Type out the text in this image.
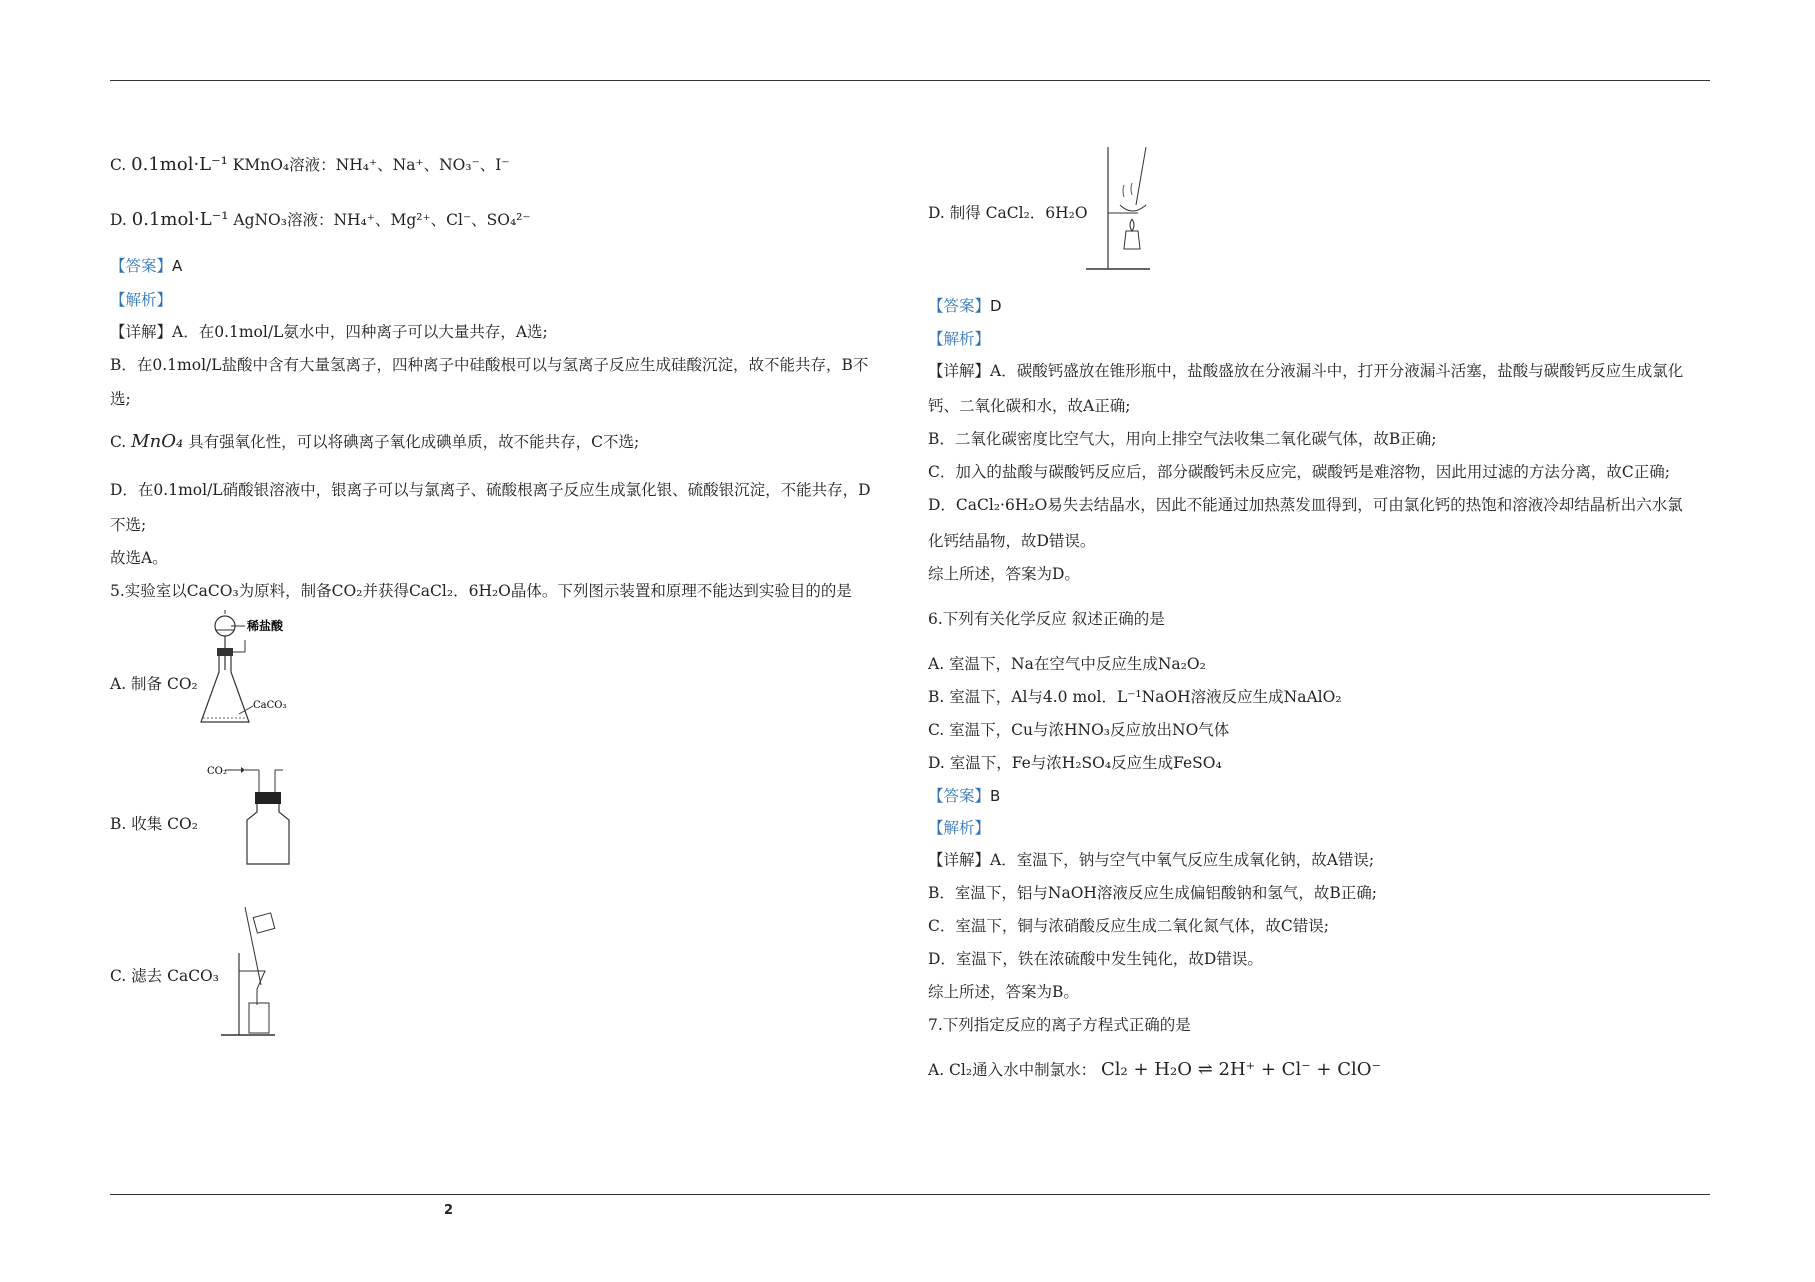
2
C. 0.1mol·L⁻¹ KMnO₄溶液：NH₄⁺、Na⁺、NO₃⁻、I⁻
D. 0.1mol·L⁻¹ AgNO₃溶液：NH₄⁺、Mg²⁺、Cl⁻、SO₄²⁻
【答案】A
【解析】
【详解】A．在0.1mol/L氨水中，四种离子可以大量共存，A选;
B．在0.1mol/L盐酸中含有大量氢离子，四种离子中硅酸根可以与氢离子反应生成硅酸沉淀，故不能共存，B不
选;
C. MnO₄ 具有强氧化性，可以将碘离子氧化成碘单质，故不能共存，C不选;
D．在0.1mol/L硝酸银溶液中，银离子可以与氯离子、硫酸根离子反应生成氯化银、硫酸银沉淀，不能共存，D
不选;
故选A。
5.实验室以CaCO₃为原料，制备CO₂并获得CaCl₂．6H₂O晶体。下列图示装置和原理不能达到实验目的的是
A. 制备 CO₂
稀盐酸
CaCO₃
B. 收集 CO₂
CO₂
C. 滤去 CaCO₃
D. 制得 CaCl₂．6H₂O
【答案】D
【解析】
【详解】A．碳酸钙盛放在锥形瓶中，盐酸盛放在分液漏斗中，打开分液漏斗活塞，盐酸与碳酸钙反应生成氯化
钙、二氧化碳和水，故A正确;
B．二氧化碳密度比空气大，用向上排空气法收集二氧化碳气体，故B正确;
C．加入的盐酸与碳酸钙反应后，部分碳酸钙未反应完，碳酸钙是难溶物，因此用过滤的方法分离，故C正确;
D．CaCl₂·6H₂O易失去结晶水，因此不能通过加热蒸发皿得到，可由氯化钙的热饱和溶液冷却结晶析出六水氯
化钙结晶物，故D错误。
综上所述，答案为D。
6.下列有关化学反应 叙述正确的是
A. 室温下，Na在空气中反应生成Na₂O₂
B. 室温下，Al与4.0 mol．L⁻¹NaOH溶液反应生成NaAlO₂
C. 室温下，Cu与浓HNO₃反应放出NO气体
D. 室温下，Fe与浓H₂SO₄反应生成FeSO₄
【答案】B
【解析】
【详解】A．室温下，钠与空气中氧气反应生成氧化钠，故A错误;
B．室温下，铝与NaOH溶液反应生成偏铝酸钠和氢气，故B正确;
C．室温下，铜与浓硝酸反应生成二氧化氮气体，故C错误;
D．室温下，铁在浓硫酸中发生钝化，故D错误。
综上所述，答案为B。
7.下列指定反应的离子方程式正确的是
A. Cl₂通入水中制氯水： Cl₂ + H₂O ⇌ 2H⁺ + Cl⁻ + ClO⁻
